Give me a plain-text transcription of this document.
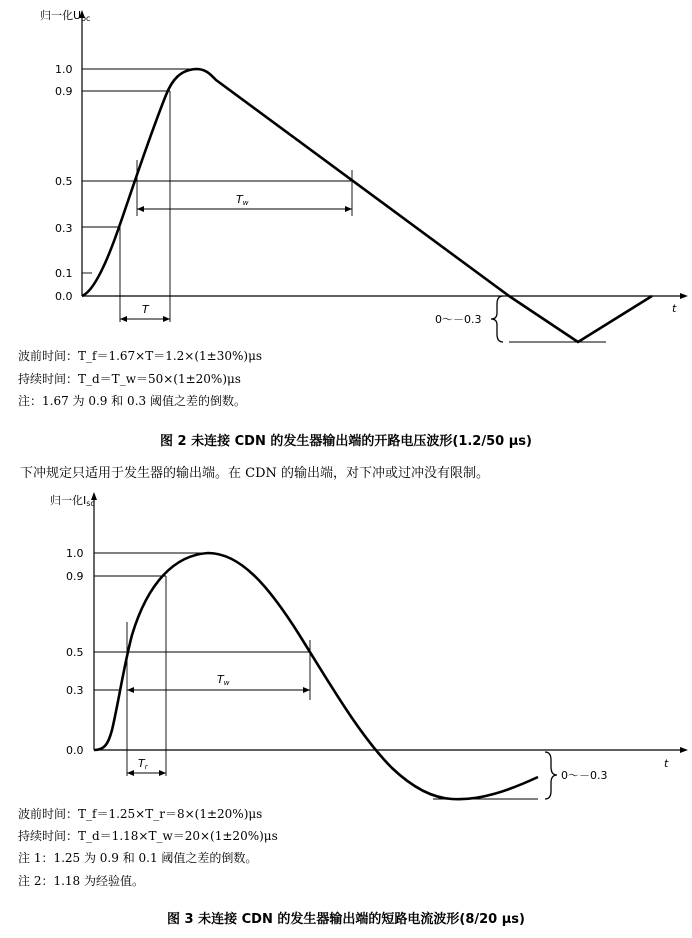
归一化Uoc
t
1.0
0.9
0.5
0.3
0.1
0.0
T
Tw
0～－0.3
波前时间：T_f＝1.67×T＝1.2×(1±30%)μs
持续时间：T_d＝T_w＝50×(1±20%)μs
注：1.67 为 0.9 和 0.3 阈值之差的倒数。
图 2 未连接 CDN 的发生器输出端的开路电压波形(1.2/50 μs)
下冲规定只适用于发生器的输出端。在 CDN 的输出端，对下冲或过冲没有限制。
归一化Isc
t
1.0
0.9
0.5
0.3
0.0
Tr
Tw
0～－0.3
波前时间：T_f＝1.25×T_r＝8×(1±20%)μs
持续时间：T_d＝1.18×T_w＝20×(1±20%)μs
注 1：1.25 为 0.9 和 0.1 阈值之差的倒数。
注 2：1.18 为经验值。
图 3 未连接 CDN 的发生器输出端的短路电流波形(8/20 μs)
